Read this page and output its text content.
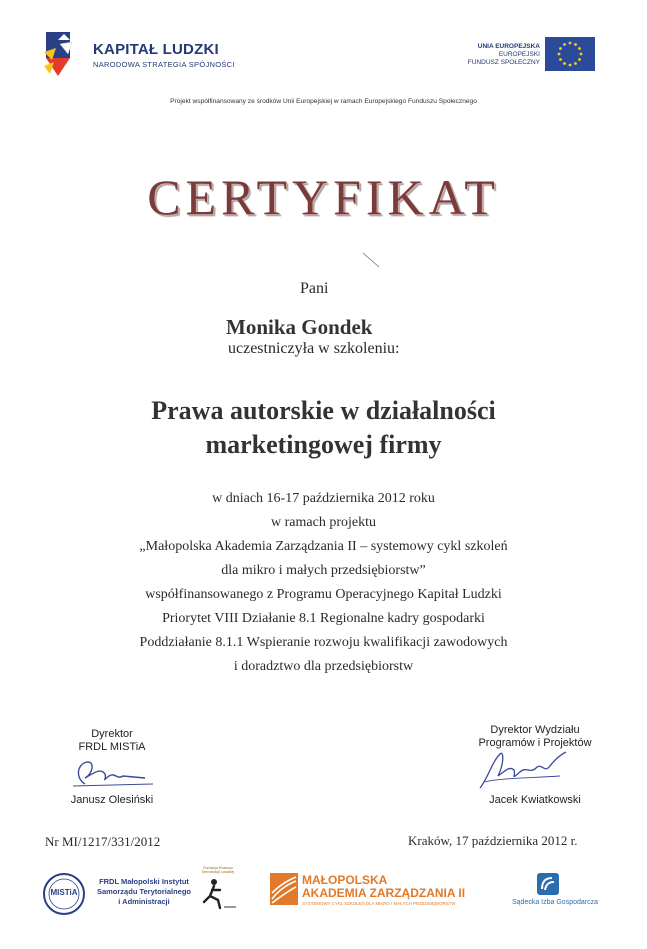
KAPITAŁ LUDZKI
NARODOWA STRATEGIA SPÓJNOŚCI
UNIA EUROPEJSKA
EUROPEJSKI
FUNDUSZ SPOŁECZNY
Projekt współfinansowany ze środków Unii Europejskiej w ramach Europejskiego Funduszu Społecznego
CERTYFIKAT
Pani
Monika Gondek
uczestniczyła w szkoleniu:
Prawa autorskie w działalności
marketingowej firmy
w dniach 16-17 października 2012 roku
w ramach projektu
„Małopolska Akademia Zarządzania II – systemowy cykl szkoleń
dla mikro i małych przedsiębiorstw”
współfinansowanego z Programu Operacyjnego Kapitał Ludzki
Priorytet VIII Działanie 8.1 Regionalne kadry gospodarki
Poddziałanie 8.1.1 Wspieranie rozwoju kwalifikacji zawodowych
i doradztwo dla przedsiębiorstw
Dyrektor
FRDL MISTiA
Janusz Olesiński
Dyrektor Wydziału
Programów i Projektów
Jacek Kwiatkowski
Nr MI/1217/331/2012	Kraków, 17 października 2012 r.
MISTiA
FRDL Małopolski Instytut
Samorządu Terytorialnego
i Administracji
Fundacja Rozwoju Demokracji Lokalnej
MAŁOPOLSKA
AKADEMIA ZARZĄDZANIA II
SYSTEMOWY CYKL SZKOLEŃ DLA MIKRO I MAŁYCH PRZEDSIĘBIORSTW	Sądecka Izba Gospodarcza
